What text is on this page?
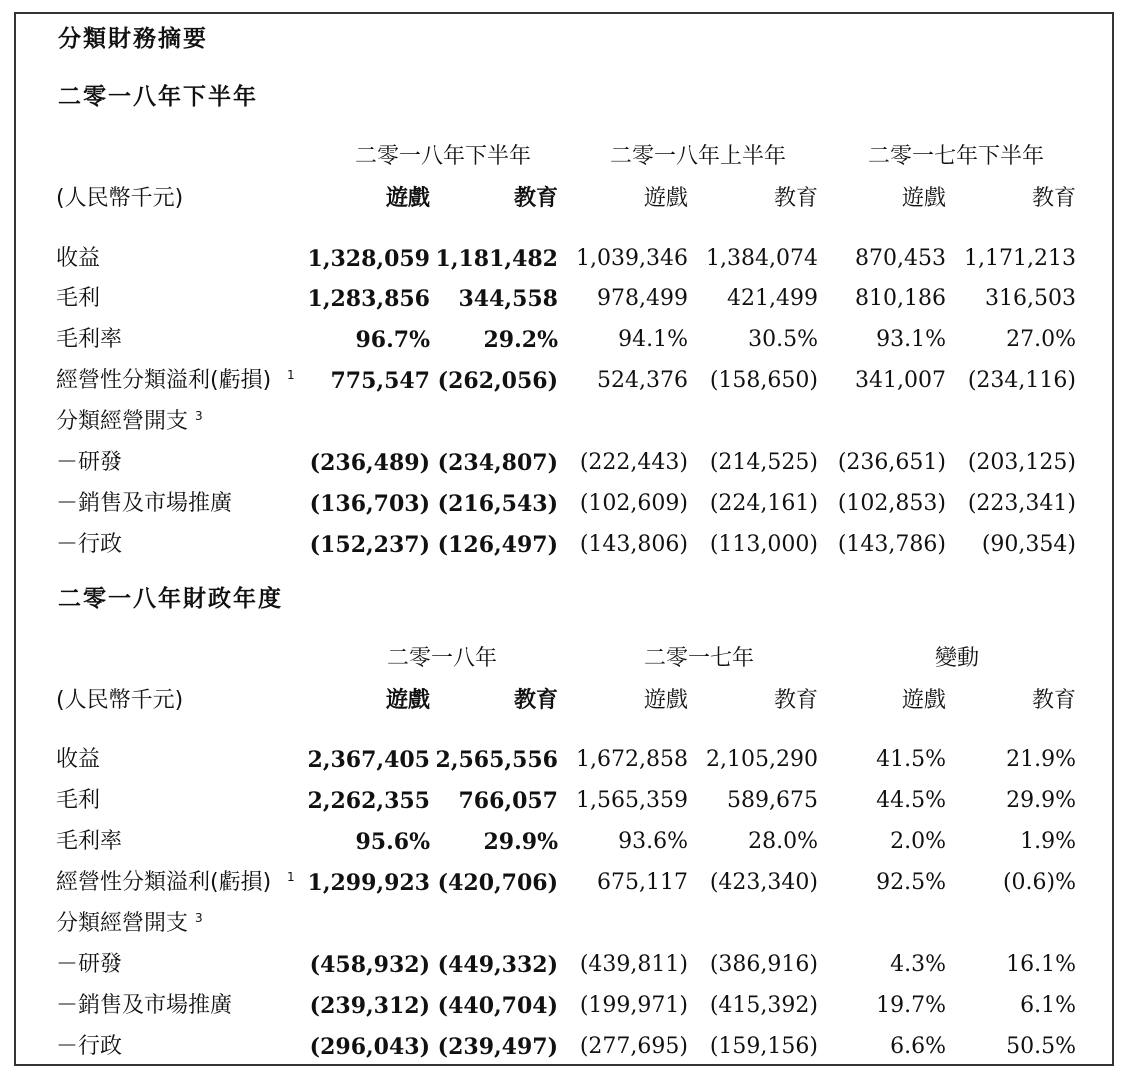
分類財務摘要
二零一八年下半年
二零一八年下半年	二零一八年上半年	二零一七年下半年
(人民幣千元)	遊戲	教育	遊戲	教育	遊戲	教育
收益	1,328,059 1,181,482 1,039,346 1,384,074 870,453 1,171,213
毛利	1,283,856 344,558 978,499 421,499 810,186 316,503
毛利率	96.7% 29.2%	94.1%	30.5%	93.1%	27.0%
經營性分類溢利(虧損) 1 775,547 (262,056) 524,376 (158,650) 341,007 (234,116)
分類經營開支 3
－研發	(236,489) (234,807) (222,443) (214,525) (236,651) (203,125)
－銷售及市場推廣	(136,703) (216,543) (102,609) (224,161) (102,853) (223,341)
－行政	(152,237) (126,497) (143,806) (113,000) (143,786) (90,354)
二零一八年財政年度
二零一八年	二零一七年	變動
(人民幣千元)	遊戲	教育	遊戲	教育	遊戲	教育
收益	2,367,405 2,565,556 1,672,858 2,105,290	41.5%	21.9%
毛利	2,262,355 766,057 1,565,359 589,675	44.5%	29.9%
毛利率	95.6% 29.9%	93.6%	28.0%	2.0%	1.9%
經營性分類溢利(虧損) 1 1,299,923 (420,706) 675,117 (423,340)	92.5%	(0.6)%
分類經營開支 3
－研發	(458,932) (449,332) (439,811) (386,916)	4.3%	16.1%
－銷售及市場推廣	(239,312) (440,704) (199,971) (415,392)	19.7%	6.1%
－行政	(296,043) (239,497) (277,695) (159,156)	6.6%	50.5%
